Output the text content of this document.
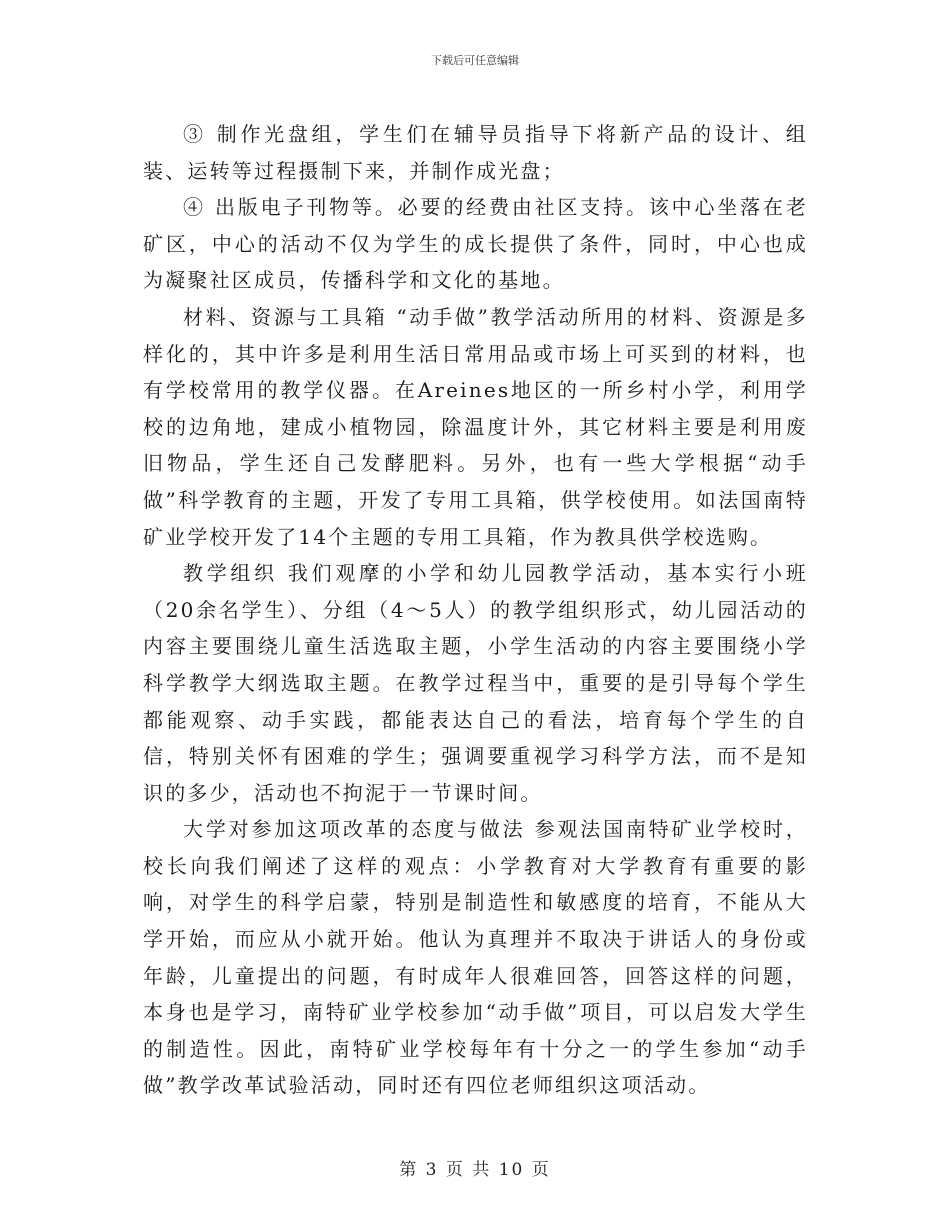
下载后可任意编辑

③ 制作光盘组，学生们在辅导员指导下将新产品的设计、组装、运转等过程摄制下来，并制作成光盘；

④ 出版电子刊物等。必要的经费由社区支持。该中心坐落在老矿区，中心的活动不仅为学生的成长提供了条件，同时，中心也成为凝聚社区成员，传播科学和文化的基地。

材料、资源与工具箱 “动手做”教学活动所用的材料、资源是多样化的，其中许多是利用生活日常用品或市场上可买到的材料，也有学校常用的教学仪器。在Areines地区的一所乡村小学，利用学校的边角地，建成小植物园，除温度计外，其它材料主要是利用废旧物品，学生还自己发酵肥料。另外，也有一些大学根据“动手做”科学教育的主题，开发了专用工具箱，供学校使用。如法国南特矿业学校开发了14个主题的专用工具箱，作为教具供学校选购。

教学组织 我们观摩的小学和幼儿园教学活动，基本实行小班（20余名学生）、分组（4～5人）的教学组织形式，幼儿园活动的内容主要围绕儿童生活选取主题，小学生活动的内容主要围绕小学科学教学大纲选取主题。在教学过程当中，重要的是引导每个学生都能观察、动手实践，都能表达自己的看法，培育每个学生的自信，特别关怀有困难的学生；强调要重视学习科学方法，而不是知识的多少，活动也不拘泥于一节课时间。

大学对参加这项改革的态度与做法 参观法国南特矿业学校时，校长向我们阐述了这样的观点：小学教育对大学教育有重要的影响，对学生的科学启蒙，特别是制造性和敏感度的培育，不能从大学开始，而应从小就开始。他认为真理并不取决于讲话人的身份或年龄，儿童提出的问题，有时成年人很难回答，回答这样的问题，本身也是学习，南特矿业学校参加“动手做”项目，可以启发大学生的制造性。因此，南特矿业学校每年有十分之一的学生参加“动手做”教学改革试验活动，同时还有四位老师组织这项活动。

第 3 页 共 10 页
